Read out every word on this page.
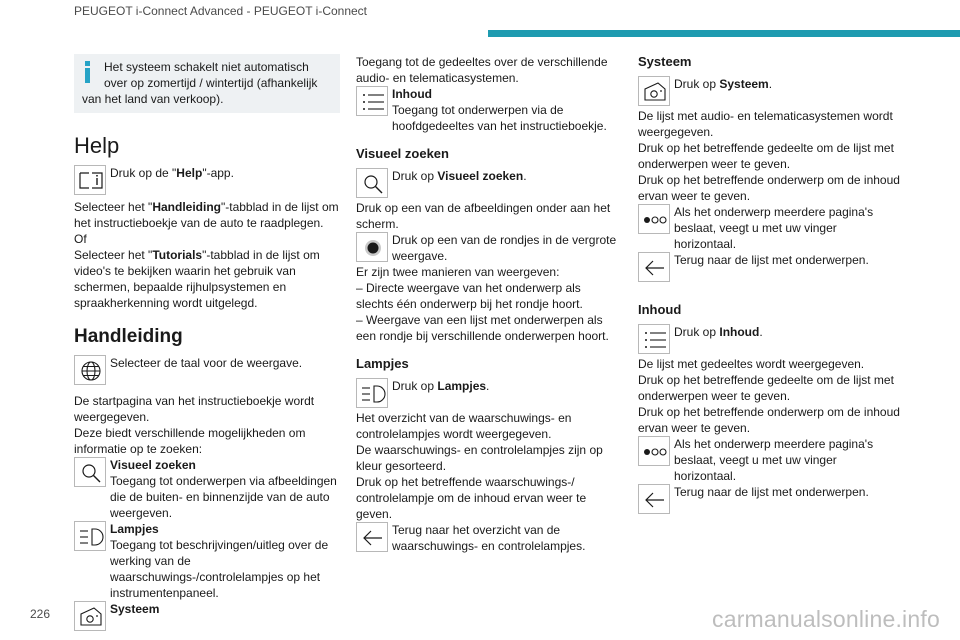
PEUGEOT i-Connect Advanced - PEUGEOT i-Connect
Het systeem schakelt niet automatisch over op zomertijd / wintertijd (afhankelijk van het land van verkoop).
Help

Druk op de "Help"-app.

Selecteer het "Handleiding"-tabblad in de lijst om het instructieboekje van de auto te raadplegen.

Of

Selecteer het "Tutorials"-tabblad in de lijst om video's te bekijken waarin het gebruik van schermen, bepaalde rijhulpsystemen en spraakherkenning wordt uitgelegd.

Handleiding

Selecteer de taal voor de weergave.

De startpagina van het instructieboekje wordt weergegeven.

Deze biedt verschillende mogelijkheden om informatie op te zoeken:

Visueel zoeken
Toegang tot onderwerpen via afbeeldingen die de buiten- en binnenzijde van de auto weergeven.

Lampjes
Toegang tot beschrijvingen/uitleg over de werking van de waarschuwings-/controlelampjes op het instrumentenpaneel.

Systeem

Toegang tot de gedeeltes over de verschillende audio- en telematicasystemen.

Inhoud
Toegang tot onderwerpen via de hoofdgedeeltes van het instructieboekje.

Visueel zoeken

Druk op Visueel zoeken.

Druk op een van de afbeeldingen onder aan het scherm.

Druk op een van de rondjes in de vergrote weergave.

Er zijn twee manieren van weergeven:

– Directe weergave van het onderwerp als slechts één onderwerp bij het rondje hoort.

– Weergave van een lijst met onderwerpen als een rondje bij verschillende onderwerpen hoort.

Lampjes

Druk op Lampjes.

Het overzicht van de waarschuwings- en controlelampjes wordt weergegeven.

De waarschuwings- en controlelampjes zijn op kleur gesorteerd.

Druk op het betreffende waarschuwings-/ controlelampje om de inhoud ervan weer te geven.

Terug naar het overzicht van de waarschuwings- en controlelampjes.

Systeem

Druk op Systeem.

De lijst met audio- en telematicasystemen wordt weergegeven.

Druk op het betreffende gedeelte om de lijst met onderwerpen weer te geven.

Druk op het betreffende onderwerp om de inhoud ervan weer te geven.

Als het onderwerp meerdere pagina's beslaat, veegt u met uw vinger horizontaal.

Terug naar de lijst met onderwerpen.

Inhoud

Druk op Inhoud.

De lijst met gedeeltes wordt weergegeven.

Druk op het betreffende gedeelte om de lijst met onderwerpen weer te geven.

Druk op het betreffende onderwerp om de inhoud ervan weer te geven.

Als het onderwerp meerdere pagina's beslaat, veegt u met uw vinger horizontaal.

Terug naar de lijst met onderwerpen.

226	carmanualsonline.info
